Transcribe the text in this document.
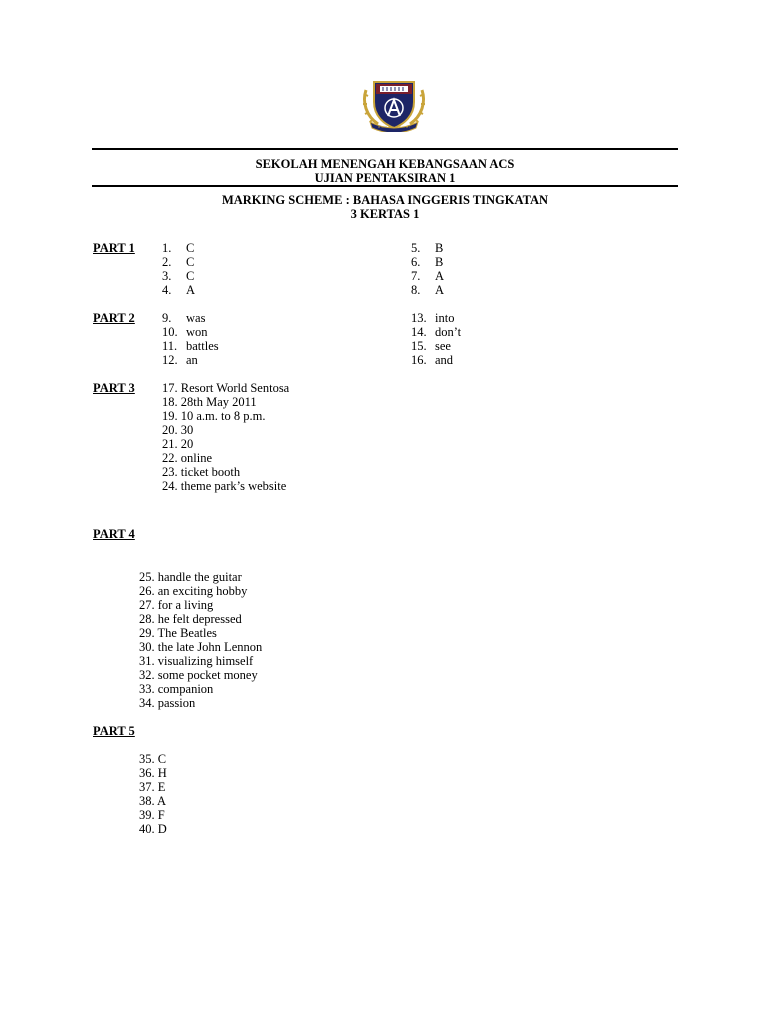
SEKOLAH MENENGAH KEBANGSAAN ACS
UJIAN PENTAKSIRAN 1
MARKING SCHEME : BAHASA INGGERIS TINGKATAN
3 KERTAS 1
PART 1 1. C
2. C
3. C
4. A
5. B
6. B
7. A
8. A
PART 2 9. was
10. won
11. battles
12. an
13. into
14. don’t
15. see
16. and
PART 3 17. Resort World Sentosa
18. 28th May 2011
19. 10 a.m. to 8 p.m.
20. 30
21. 20
22. online
23. ticket booth
24. theme park’s website
PART 4
25. handle the guitar
26. an exciting hobby
27. for a living
28. he felt depressed
29. The Beatles
30. the late John Lennon
31. visualizing himself
32. some pocket money
33. companion
34. passion
PART 5
35. C
36. H
37. E
38. A
39. F
40. D
